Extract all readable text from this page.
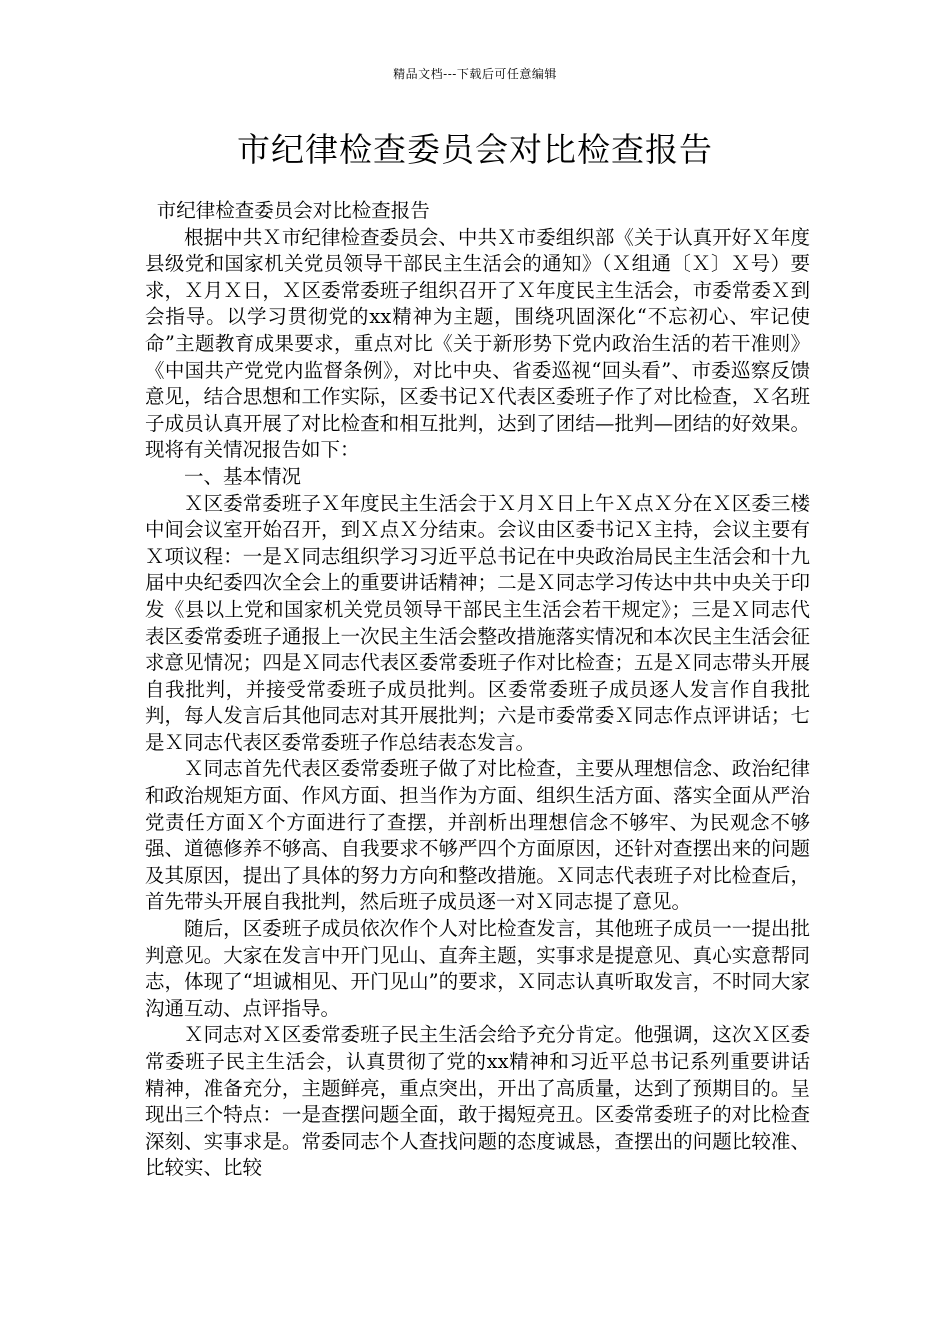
精品文档---下载后可任意编辑
市纪律检查委员会对比检查报告

市纪律检查委员会对比检查报告

根据中共Ｘ市纪律检查委员会、中共Ｘ市委组织部《关于认真开好Ｘ年度县级党和国家机关党员领导干部民主生活会的通知》（Ｘ组通〔Ｘ〕Ｘ号）要求，Ｘ月Ｘ日，Ｘ区委常委班子组织召开了Ｘ年度民主生活会，市委常委Ｘ到会指导。以学习贯彻党的xx精神为主题，围绕巩固深化“不忘初心、牢记使命”主题教育成果要求，重点对比《关于新形势下党内政治生活的若干准则》《中国共产党党内监督条例》，对比中央、省委巡视“回头看”、市委巡察反馈意见，结合思想和工作实际，区委书记Ｘ代表区委班子作了对比检查，Ｘ名班子成员认真开展了对比检查和相互批判，达到了团结—批判—团结的好效果。现将有关情况报告如下：

一、基本情况

Ｘ区委常委班子Ｘ年度民主生活会于Ｘ月Ｘ日上午Ｘ点Ｘ分在Ｘ区委三楼中间会议室开始召开，到Ｘ点Ｘ分结束。会议由区委书记Ｘ主持，会议主要有Ｘ项议程：一是Ｘ同志组织学习习近平总书记在中央政治局民主生活会和十九届中央纪委四次全会上的重要讲话精神；二是Ｘ同志学习传达中共中央关于印发《县以上党和国家机关党员领导干部民主生活会若干规定》；三是Ｘ同志代表区委常委班子通报上一次民主生活会整改措施落实情况和本次民主生活会征求意见情况；四是Ｘ同志代表区委常委班子作对比检查；五是Ｘ同志带头开展自我批判，并接受常委班子成员批判。区委常委班子成员逐人发言作自我批判，每人发言后其他同志对其开展批判；六是市委常委Ｘ同志作点评讲话；七是Ｘ同志代表区委常委班子作总结表态发言。

Ｘ同志首先代表区委常委班子做了对比检查，主要从理想信念、政治纪律和政治规矩方面、作风方面、担当作为方面、组织生活方面、落实全面从严治党责任方面Ｘ个方面进行了查摆，并剖析出理想信念不够牢、为民观念不够强、道德修养不够高、自我要求不够严四个方面原因，还针对查摆出来的问题及其原因，提出了具体的努力方向和整改措施。Ｘ同志代表班子对比检查后，首先带头开展自我批判，然后班子成员逐一对Ｘ同志提了意见。

随后，区委班子成员依次作个人对比检查发言，其他班子成员一一提出批判意见。大家在发言中开门见山、直奔主题，实事求是提意见、真心实意帮同志，体现了“坦诚相见、开门见山”的要求，Ｘ同志认真听取发言，不时同大家沟通互动、点评指导。

Ｘ同志对Ｘ区委常委班子民主生活会给予充分肯定。他强调，这次Ｘ区委常委班子民主生活会，认真贯彻了党的xx精神和习近平总书记系列重要讲话精神，准备充分，主题鲜亮，重点突出，开出了高质量，达到了预期目的。呈现出三个特点：一是查摆问题全面，敢于揭短亮丑。区委常委班子的对比检查深刻、实事求是。常委同志个人查找问题的态度诚恳，查摆出的问题比较准、比较实、比较
